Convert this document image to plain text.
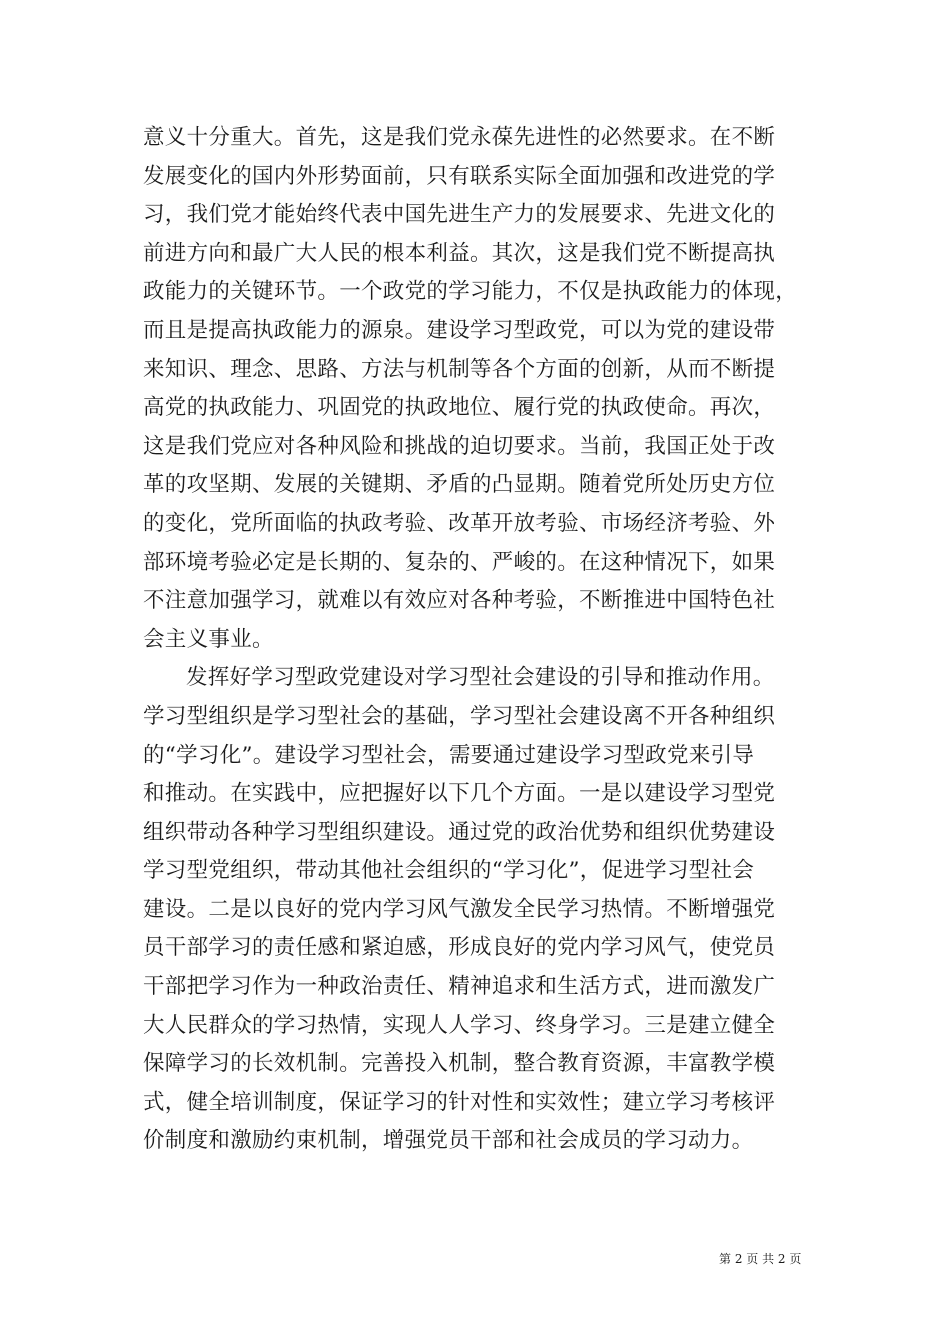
意义十分重大。首先，这是我们党永葆先进性的必然要求。在不断
发展变化的国内外形势面前，只有联系实际全面加强和改进党的学
习，我们党才能始终代表中国先进生产力的发展要求、先进文化的
前进方向和最广大人民的根本利益。其次，这是我们党不断提高执
政能力的关键环节。一个政党的学习能力，不仅是执政能力的体现，
而且是提高执政能力的源泉。建设学习型政党，可以为党的建设带
来知识、理念、思路、方法与机制等各个方面的创新，从而不断提
高党的执政能力、巩固党的执政地位、履行党的执政使命。再次，
这是我们党应对各种风险和挑战的迫切要求。当前，我国正处于改
革的攻坚期、发展的关键期、矛盾的凸显期。随着党所处历史方位
的变化，党所面临的执政考验、改革开放考验、市场经济考验、外
部环境考验必定是长期的、复杂的、严峻的。在这种情况下，如果
不注意加强学习，就难以有效应对各种考验，不断推进中国特色社
会主义事业。
发挥好学习型政党建设对学习型社会建设的引导和推动作用。
学习型组织是学习型社会的基础，学习型社会建设离不开各种组织
的“学习化”。建设学习型社会，需要通过建设学习型政党来引导
和推动。在实践中，应把握好以下几个方面。一是以建设学习型党
组织带动各种学习型组织建设。通过党的政治优势和组织优势建设
学习型党组织，带动其他社会组织的“学习化”，促进学习型社会
建设。二是以良好的党内学习风气激发全民学习热情。不断增强党
员干部学习的责任感和紧迫感，形成良好的党内学习风气，使党员
干部把学习作为一种政治责任、精神追求和生活方式，进而激发广
大人民群众的学习热情，实现人人学习、终身学习。三是建立健全
保障学习的长效机制。完善投入机制，整合教育资源，丰富教学模
式，健全培训制度，保证学习的针对性和实效性；建立学习考核评
价制度和激励约束机制，增强党员干部和社会成员的学习动力。
第 2 页 共 2 页
